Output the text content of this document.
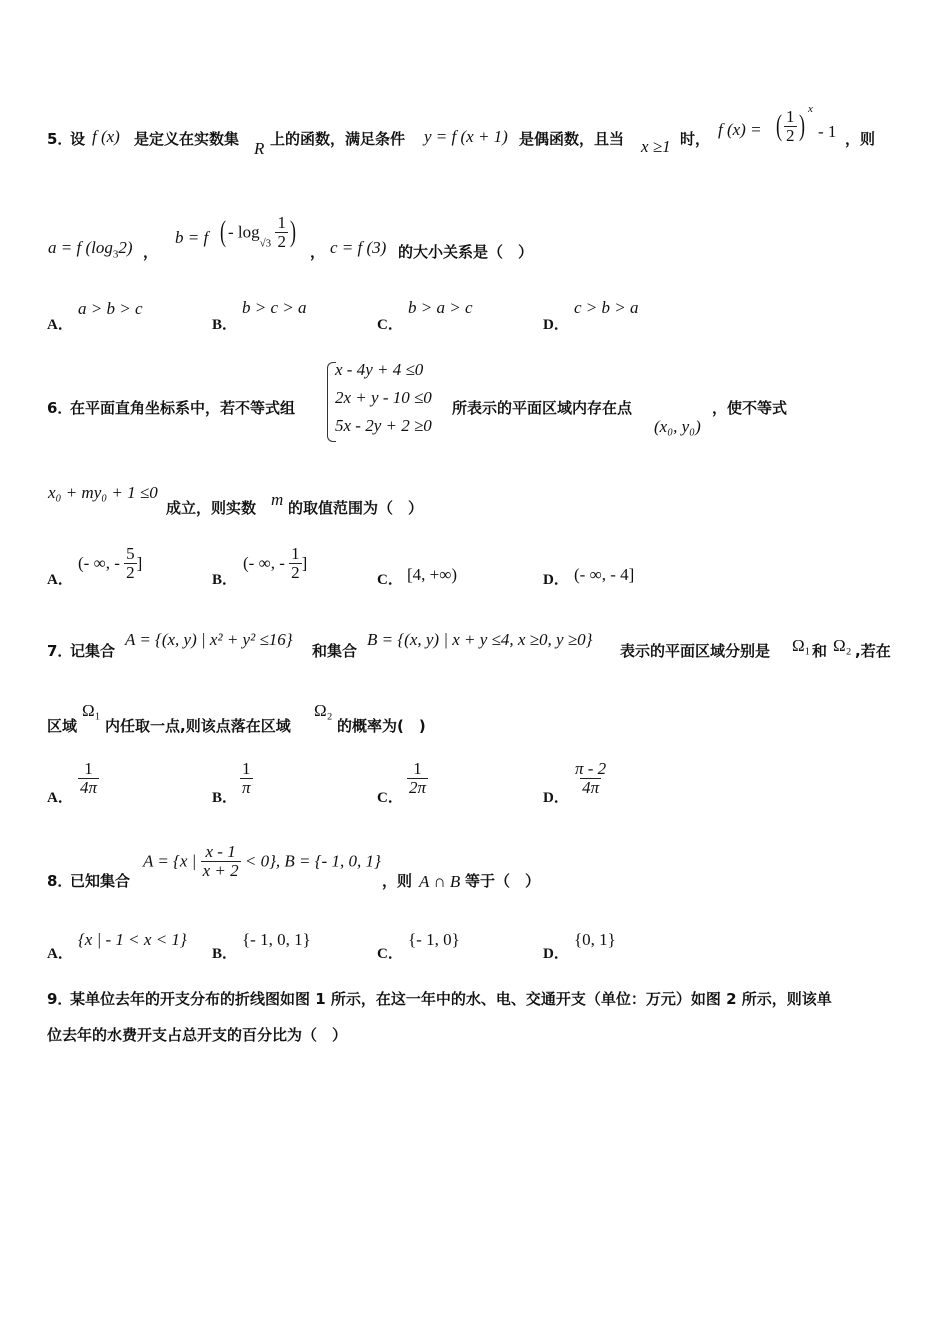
5．
设 f (x) 是定义在实数集 R 上的函数，满足条件 y = f (x + 1) 是偶函数，且当 x ≥1 时， f (x) = ( $\frac{1}{2}$ )
x
- 1 ，则
a = f $(\log_32)$ ，
b = f ( - $\log_{√3} \frac{1}{2}$ )
， c = f (3) 的大小关系是（　）
A．
a > b > c
B．
b > c > a
C．
b > a > c
D．
c > b > a
6．
在平面直角坐标系中，若不等式组
x - 4y + 4 ≤0
2x + y - 10 ≤0
5x - 2y + 2 ≥0
所表示的平面区域内存在点
(x₀, y₀)
，使不等式
x₀ + my₀ + 1 ≤0
成立，则实数 m 的取值范围为（　）
A．
(- ∞, - $\frac{5}{2}$ ]
B．
(- ∞, - $\frac{1}{2}$ ]
C． [4, +∞)	D． (- ∞, - 4]
7．
记集合
A = {(x, y) | x² + y² ≤16}
和集合
B = {(x, y) | x + y ≤4, x ≥0, y ≥0}
表示的平面区域分别是 Ω₁ 和 Ω₂ ,若在
区域
Ω₁
内任取一点,则该点落在区域
Ω₂
的概率为(　)
A．
$\frac{1}{4\pi}$
B．
$\frac{1}{\pi}$
C．
$\frac{1}{2\pi}$
D．
$\frac{\pi - 2}{4\pi}$
8．
已知集合
A = {x | $\frac{x - 1}{x + 2} < 0$}, B = {- 1, 0, 1}
，则 A ∩ B 等于（　）
A．
{x | - 1 < x < 1}
B．
{- 1, 0, 1}
C．
{- 1, 0}
D．
{0, 1}
9．
某单位去年的开支分布的折线图如图 1 所示，在这一年中的水、电、交通开支（单位：万元）如图 2 所示，则该单
位去年的水费开支占总开支的百分比为（　）
